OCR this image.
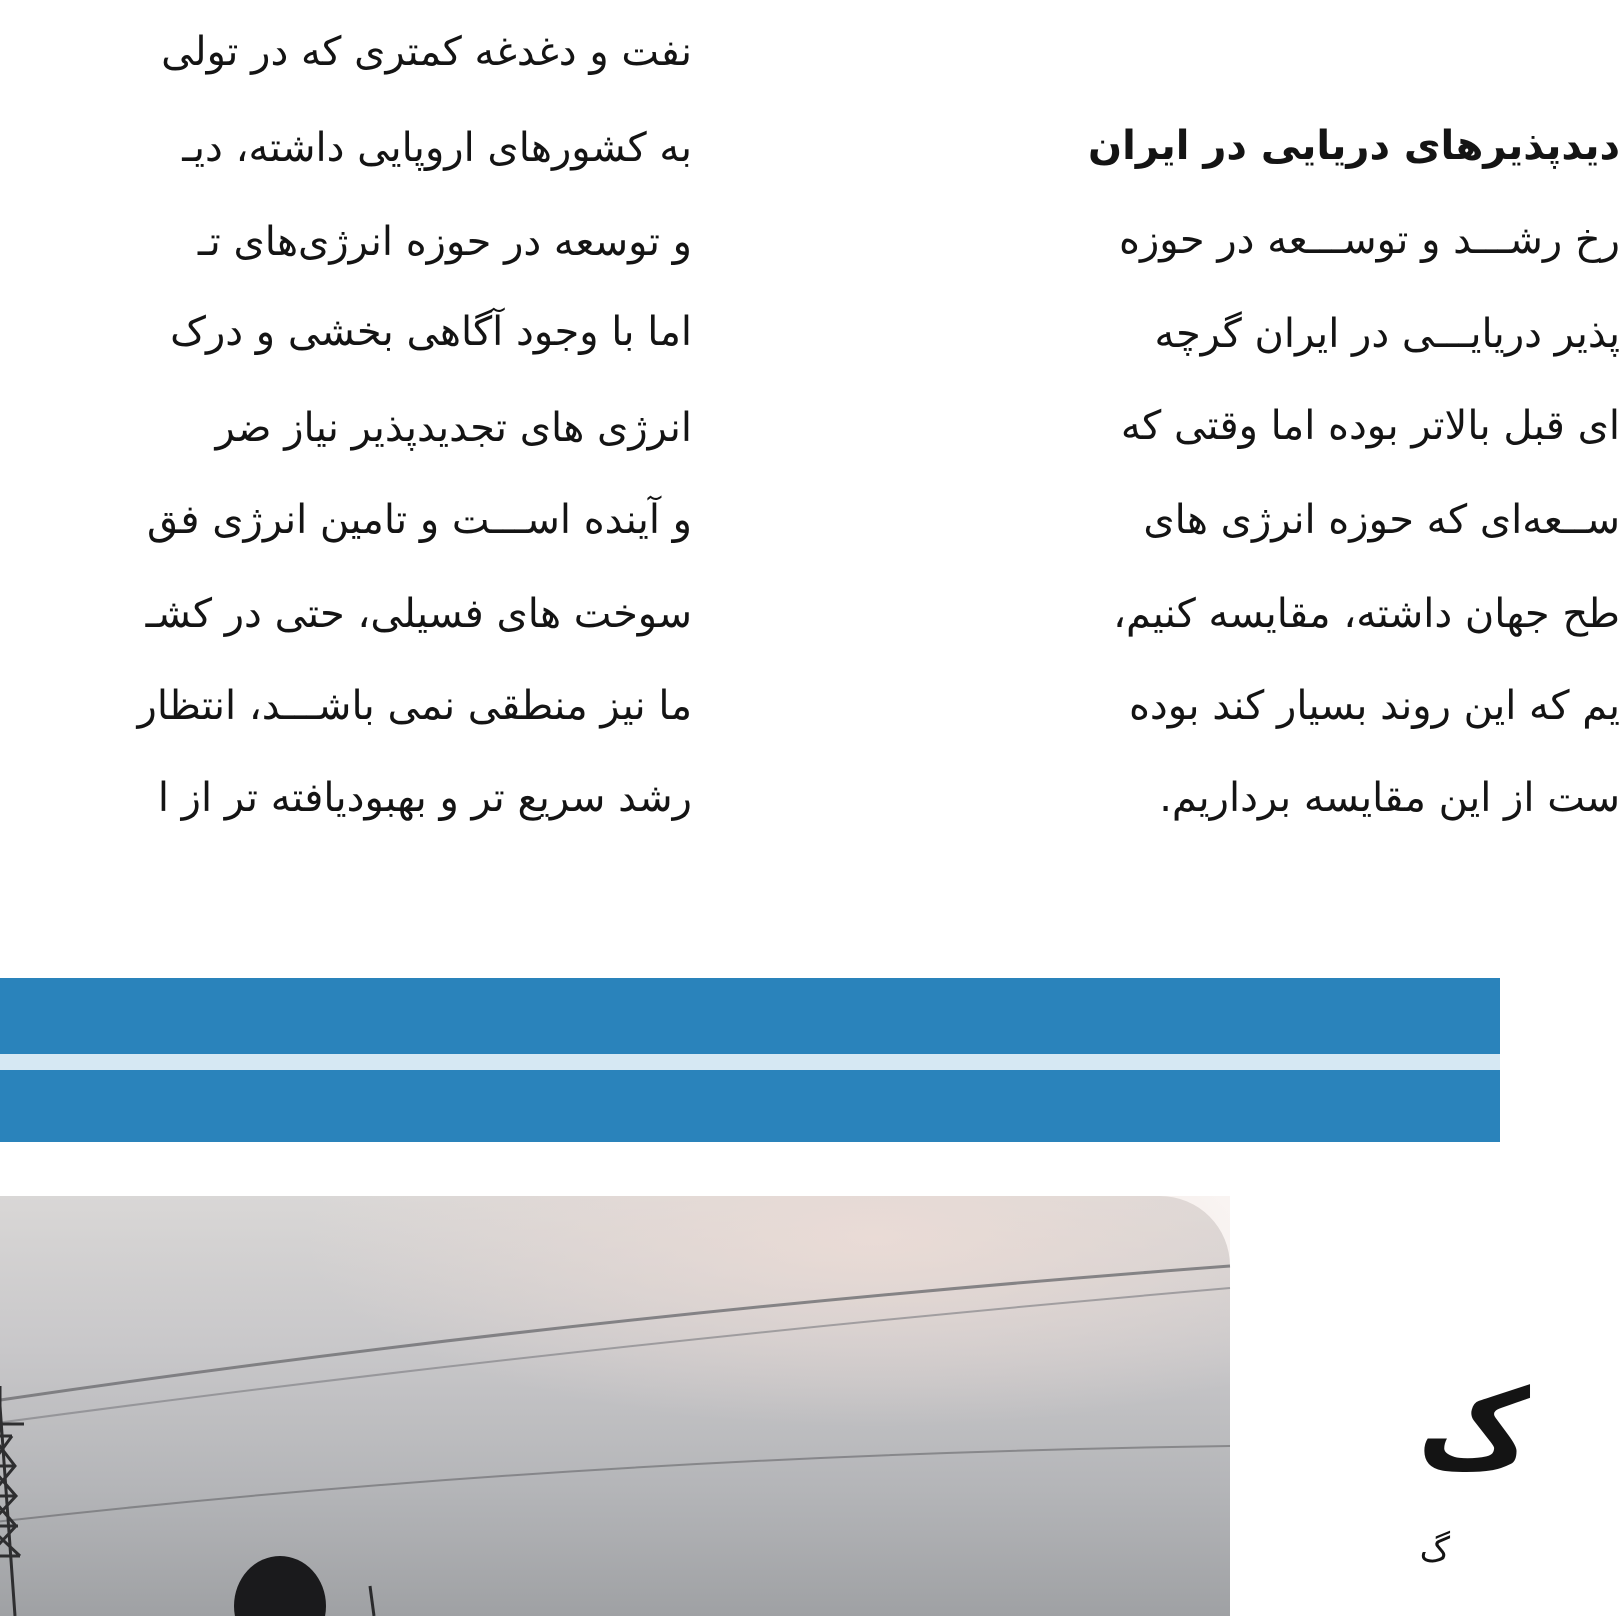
نفت و دغدغه کمتری که در تولی
به کشورهای اروپایی داشته، دیـ
و توسعه در حوزه انرژی‌های تـ
اما با وجود آگاهی بخشی و درک
انرژی های تجدیدپذیر نیاز ضر
و آینده اســـت و تامین انرژی فق
سوخت های فسیلی، حتی در کشـ
ما نیز منطقی نمی باشـــد، انتظار
رشد سریع تر و بهبودیافته تر از ا
دیدپذیرهای دریایی در ایران
رخ رشـــد و توســـعه در حوزه
پذیر دریایـــی در ایران گرچه
ای قبل بالاتر بوده اما وقتی که
ســعه‌ای که حوزه انرژی های
طح جهان داشته، مقایسه کنیم،
یم که این روند بسیار کند بوده
ست از این مقایسه برداریم.
ک
گ
